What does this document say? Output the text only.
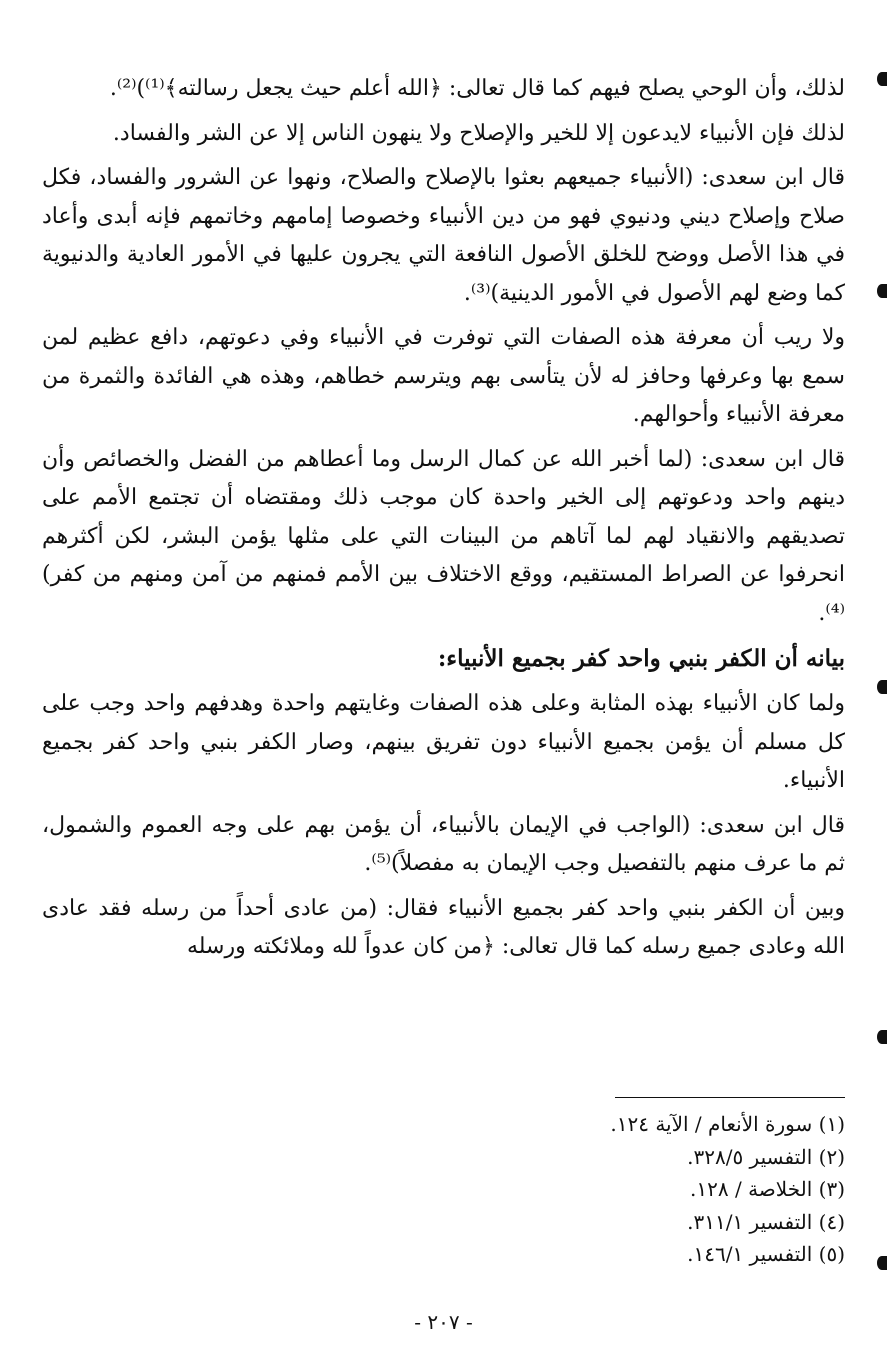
لذلك، وأن الوحي يصلح فيهم كما قال تعالى: ﴿الله أعلم حيث يجعل رسالته﴾⁽¹⁾)⁽²⁾.

لذلك فإن الأنبياء لايدعون إلا للخير والإصلاح ولا ينهون الناس إلا عن الشر والفساد.

قال ابن سعدى: (الأنبياء جميعهم بعثوا بالإصلاح والصلاح، ونهوا عن الشرور والفساد، فكل صلاح وإصلاح ديني ودنيوي فهو من دين الأنبياء وخصوصا إمامهم وخاتمهم فإنه أبدى وأعاد في هذا الأصل ووضح للخلق الأصول النافعة التي يجرون عليها في الأمور العادية والدنيوية كما وضع لهم الأصول في الأمور الدينية)⁽³⁾.

ولا ريب أن معرفة هذه الصفات التي توفرت في الأنبياء وفي دعوتهم، دافع عظيم لمن سمع بها وعرفها وحافز له لأن يتأسى بهم ويترسم خطاهم، وهذه هي الفائدة والثمرة من معرفة الأنبياء وأحوالهم.

قال ابن سعدى: (لما أخبر الله عن كمال الرسل وما أعطاهم من الفضل والخصائص وأن دينهم واحد ودعوتهم إلى الخير واحدة كان موجب ذلك ومقتضاه أن تجتمع الأمم على تصديقهم والانقياد لهم لما آتاهم من البينات التي على مثلها يؤمن البشر، لكن أكثرهم انحرفوا عن الصراط المستقيم، ووقع الاختلاف بين الأمم فمنهم من آمن ومنهم من كفر)⁽⁴⁾.

بيانه أن الكفر بنبي واحد كفر بجميع الأنبياء:

ولما كان الأنبياء بهذه المثابة وعلى هذه الصفات وغايتهم واحدة وهدفهم واحد وجب على كل مسلم أن يؤمن بجميع الأنبياء دون تفريق بينهم، وصار الكفر بنبي واحد كفر بجميع الأنبياء.

قال ابن سعدى: (الواجب في الإيمان بالأنبياء، أن يؤمن بهم على وجه العموم والشمول، ثم ما عرف منهم بالتفصيل وجب الإيمان به مفصلاً)⁽⁵⁾.

وبين أن الكفر بنبي واحد كفر بجميع الأنبياء فقال: (من عادى أحداً من رسله فقد عادى الله وعادى جميع رسله كما قال تعالى: ﴿من كان عدواً لله وملائكته ورسله

(١) سورة الأنعام / الآية ١٢٤.
(٢) التفسير ٣٢٨/٥.
(٣) الخلاصة / ١٢٨.
(٤) التفسير ٣١١/١.
(٥) التفسير ١٤٦/١.
- ٢٠٧ -
